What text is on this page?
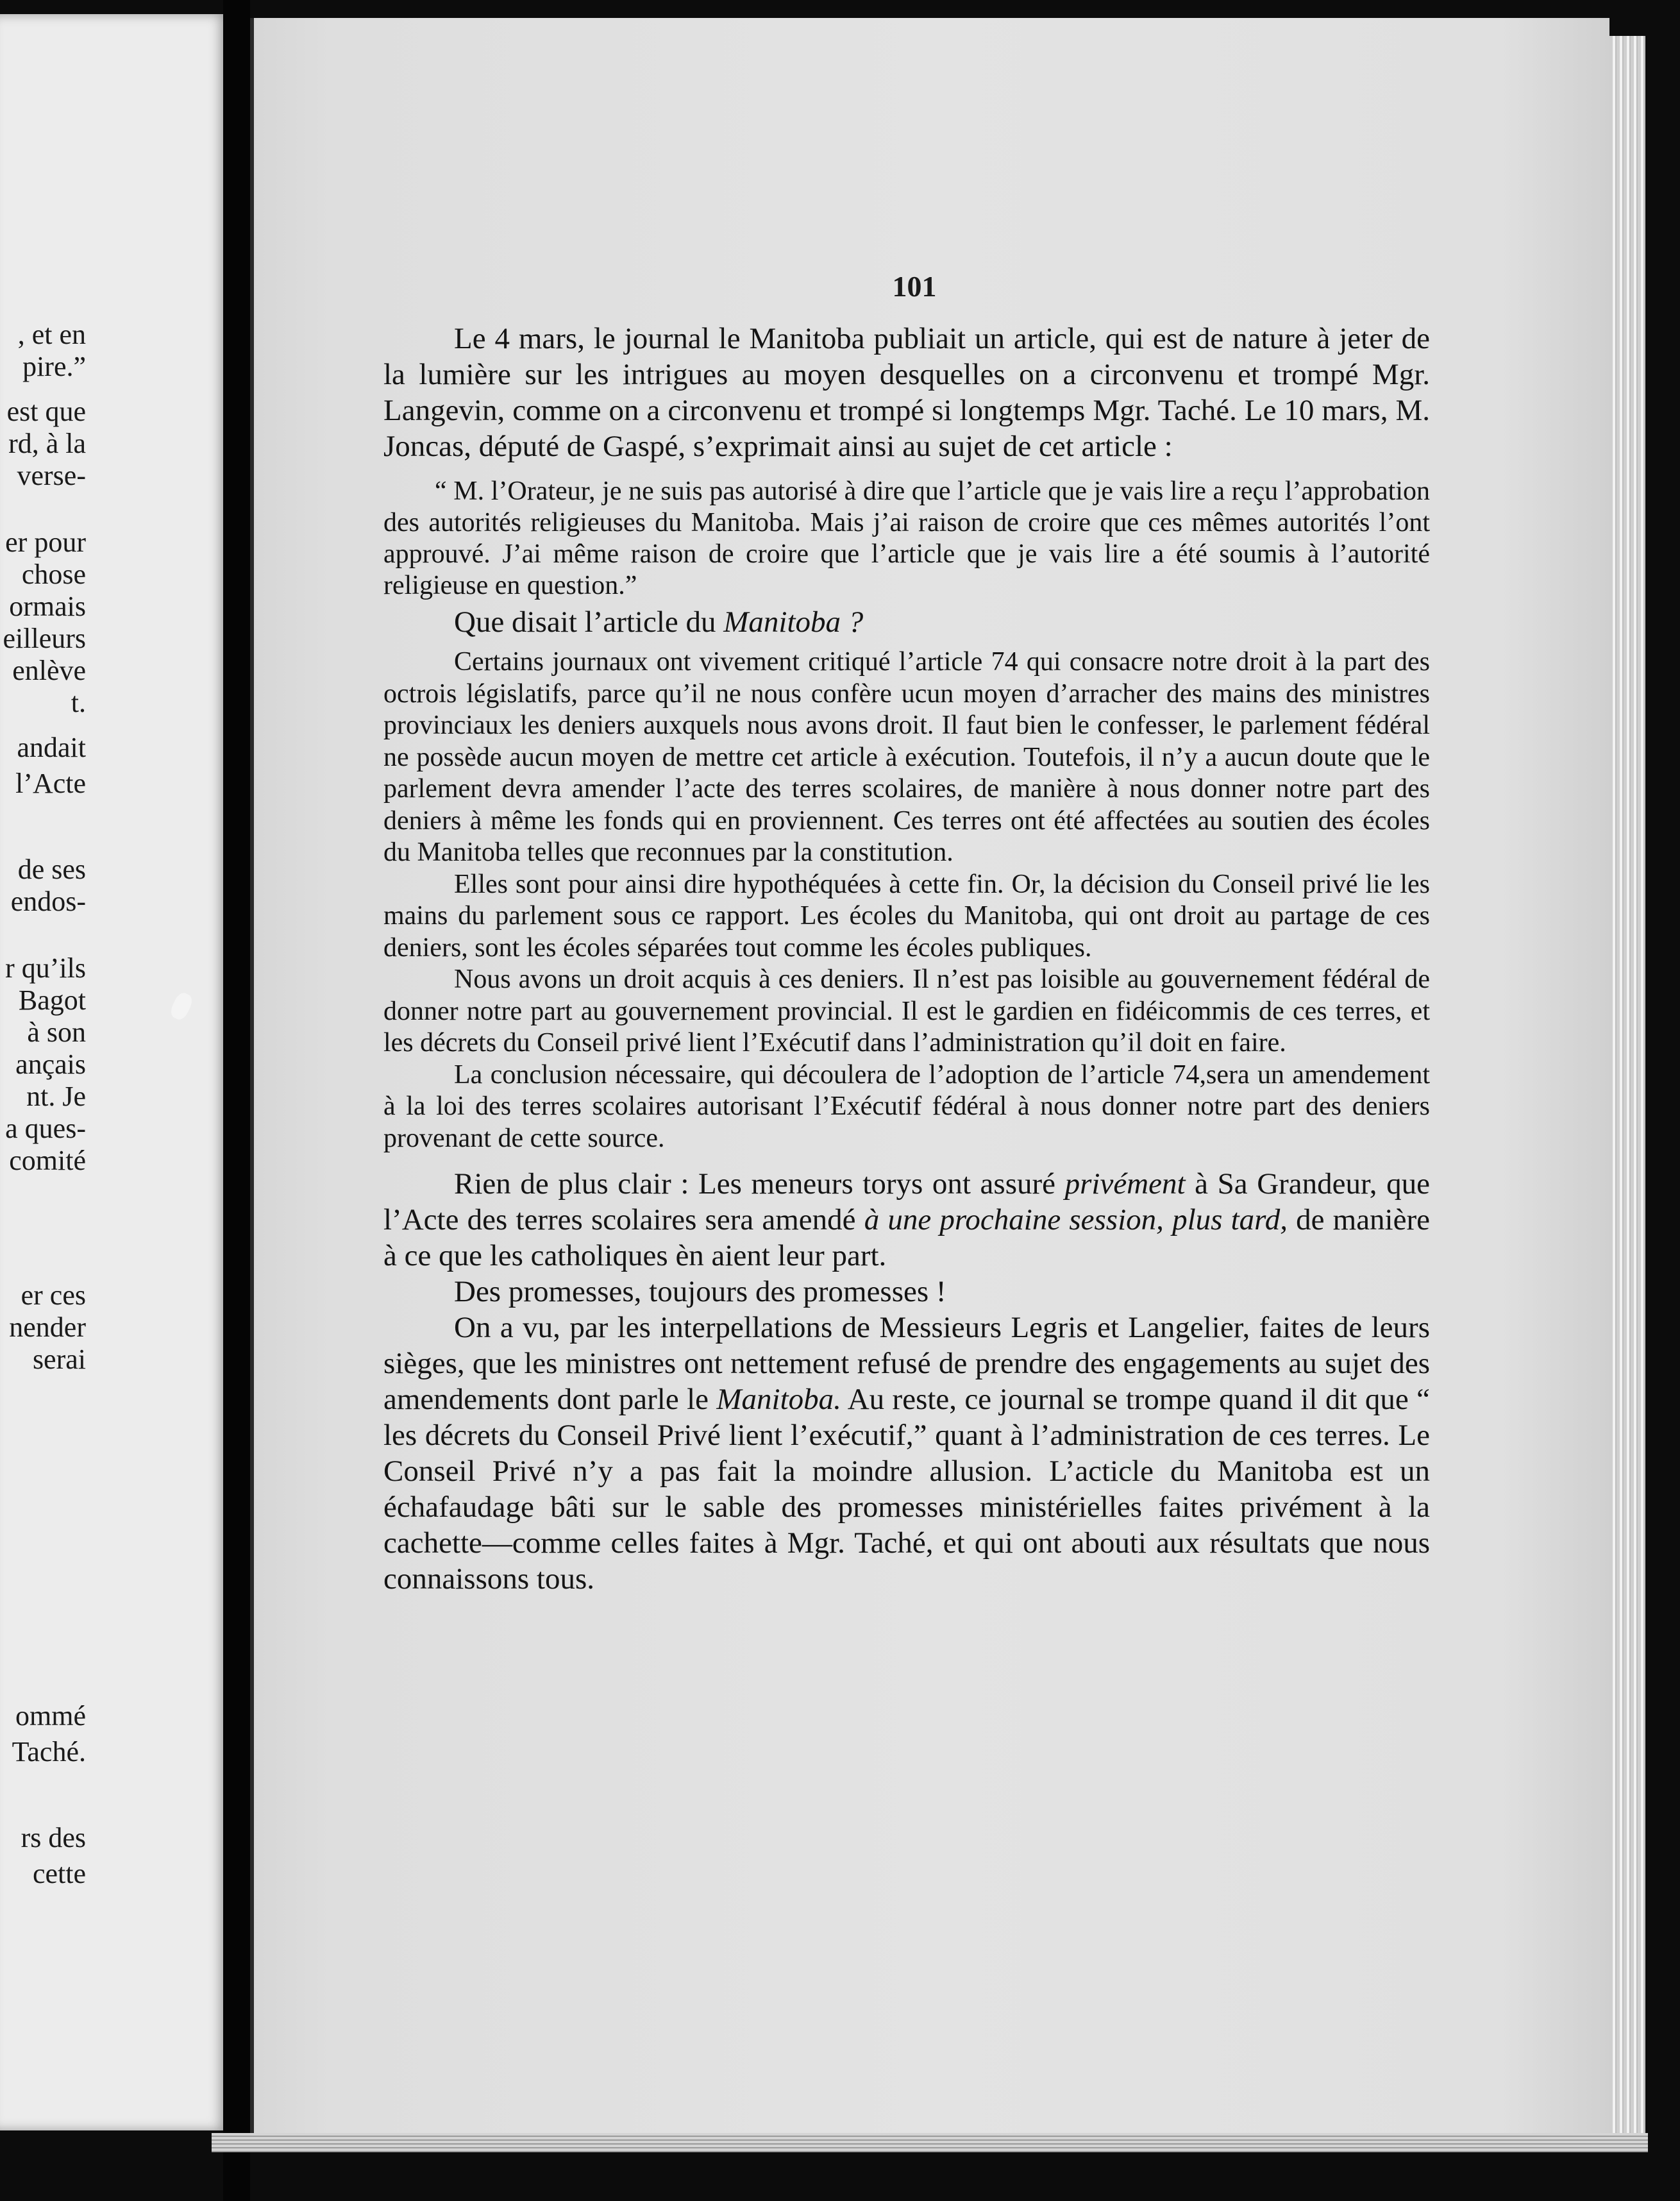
, et en
pire.”
est que
rd, à la
verse-
er pour
chose
ormais
eilleurs
enlève
t.
andait
l’Acte
de ses
endos-
r qu’ils
Bagot
à son
ançais
nt. Je
a ques-
comité
er ces
nender
serai
ommé
Taché.
rs des
cette
101

Le 4 mars, le journal le Manitoba publiait un article, qui est de nature à jeter de la lumière sur les intrigues au moyen desquelles on a circonvenu et trompé Mgr. Langevin, comme on a circonvenu et trompé si longtemps Mgr. Taché. Le 10 mars, M. Joncas, député de Gaspé, s’exprimait ainsi au sujet de cet article :

“ M. l’Orateur, je ne suis pas autorisé à dire que l’article que je vais lire a reçu l’approbation des autorités religieuses du Manitoba. Mais j’ai raison de croire que ces mêmes autorités l’ont approuvé. J’ai même raison de croire que l’article que je vais lire a été soumis à l’autorité religieuse en question.”

Que disait l’article du Manitoba ?

Certains journaux ont vivement critiqué l’article 74 qui consacre notre droit à la part des octrois législatifs, parce qu’il ne nous confère ucun moyen d’arracher des mains des ministres provinciaux les deniers auxquels nous avons droit. Il faut bien le confesser, le parlement fédéral ne possède aucun moyen de mettre cet article à exécution. Toutefois, il n’y a aucun doute que le parlement devra amender l’acte des terres scolaires, de manière à nous donner notre part des deniers à même les fonds qui en proviennent. Ces terres ont été affectées au soutien des écoles du Manitoba telles que reconnues par la constitution.

Elles sont pour ainsi dire hypothéquées à cette fin. Or, la décision du Conseil privé lie les mains du parlement sous ce rapport. Les écoles du Manitoba, qui ont droit au partage de ces deniers, sont les écoles séparées tout comme les écoles publiques.

Nous avons un droit acquis à ces deniers. Il n’est pas loisible au gouvernement fédéral de donner notre part au gouvernement provincial. Il est le gardien en fidéicommis de ces terres, et les décrets du Conseil privé lient l’Exécutif dans l’administration qu’il doit en faire.

La conclusion nécessaire, qui découlera de l’adoption de l’article 74,sera un amendement à la loi des terres scolaires autorisant l’Exécutif fédéral à nous donner notre part des deniers provenant de cette source.

Rien de plus clair : Les meneurs torys ont assuré privément à Sa Grandeur, que l’Acte des terres scolaires sera amendé à une prochaine session, plus tard, de manière à ce que les catholiques èn aient leur part.

Des promesses, toujours des promesses !

On a vu, par les interpellations de Messieurs Legris et Langelier, faites de leurs sièges, que les ministres ont nettement refusé de prendre des engagements au sujet des amendements dont parle le Manitoba. Au reste, ce journal se trompe quand il dit que “ les décrets du Conseil Privé lient l’exécutif,” quant à l’administration de ces terres. Le Conseil Privé n’y a pas fait la moindre allusion. L’acticle du Manitoba est un échafaudage bâti sur le sable des promesses ministérielles faites privément à la cachette—comme celles faites à Mgr. Taché, et qui ont abouti aux résultats que nous connaissons tous.
